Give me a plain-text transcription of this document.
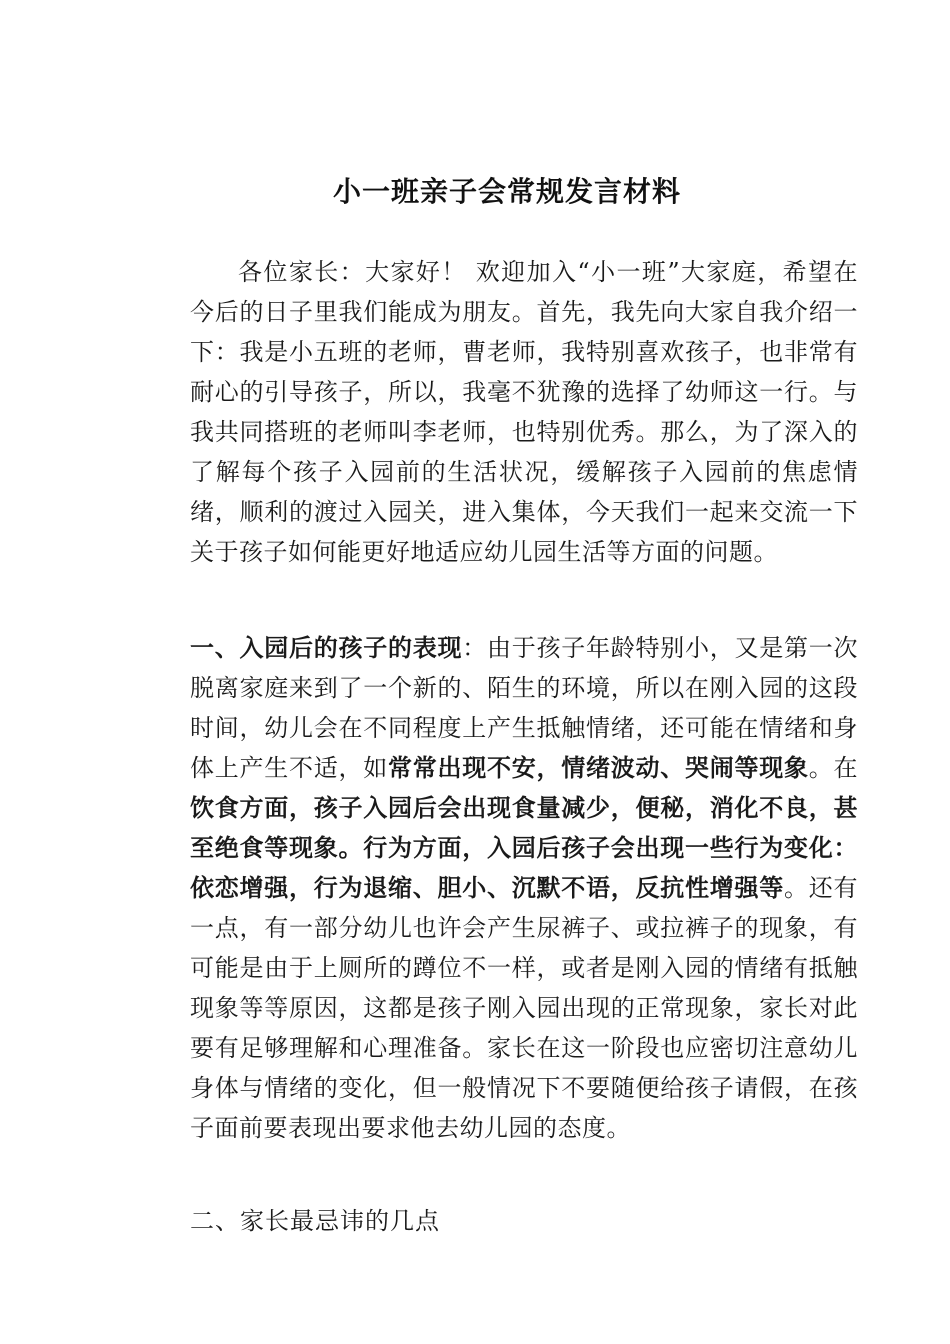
小一班亲子会常规发言材料
各位家长：大家好！ 欢迎加入“小一班”大家庭，希望在今后的日子里我们能成为朋友。首先，我先向大家自我介绍一下：我是小五班的老师，曹老师，我特别喜欢孩子，也非常有耐心的引导孩子，所以，我毫不犹豫的选择了幼师这一行。与我共同搭班的老师叫李老师，也特别优秀。那么，为了深入的了解每个孩子入园前的生活状况，缓解孩子入园前的焦虑情绪，顺利的渡过入园关，进入集体，今天我们一起来交流一下关于孩子如何能更好地适应幼儿园生活等方面的问题。
一、入园后的孩子的表现：由于孩子年龄特别小，又是第一次脱离家庭来到了一个新的、陌生的环境，所以在刚入园的这段时间，幼儿会在不同程度上产生抵触情绪，还可能在情绪和身体上产生不适，如常常出现不安，情绪波动、哭闹等现象。在饮食方面，孩子入园后会出现食量减少，便秘，消化不良，甚至绝食等现象。行为方面，入园后孩子会出现一些行为变化：依恋增强，行为退缩、胆小、沉默不语，反抗性增强等。还有一点，有一部分幼儿也许会产生尿裤子、或拉裤子的现象，有可能是由于上厕所的蹲位不一样，或者是刚入园的情绪有抵触现象等等原因，这都是孩子刚入园出现的正常现象，家长对此要有足够理解和心理准备。家长在这一阶段也应密切注意幼儿身体与情绪的变化，但一般情况下不要随便给孩子请假，在孩子面前要表现出要求他去幼儿园的态度。
二、家长最忌讳的几点
